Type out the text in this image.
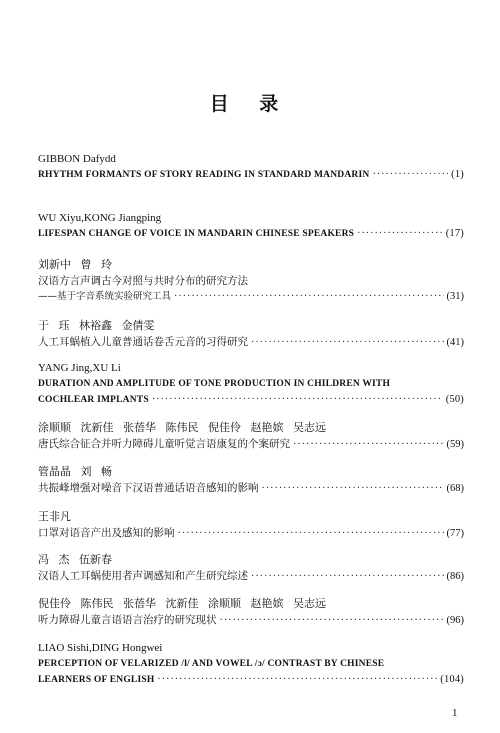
目 录
GIBBON Dafydd
RHYTHM FORMANTS OF STORY READING IN STANDARD MANDARIN ·····	(1)
WU Xiyu,KONG Jiangping
LIFESPAN CHANGE OF VOICE IN MANDARIN CHINESE SPEAKERS ·····	(17)
刘新中 曾 玲
汉语方言声调古今对照与共时分布的研究方法
——基于字音系统实验研究工具 ·····	(31)
于 珏 林裕鑫 金倩雯
人工耳蜗植入儿童普通话卷舌元音的习得研究 ·····	(41)
YANG Jing,XU Li
DURATION AND AMPLITUDE OF TONE PRODUCTION IN CHILDREN WITH
COCHLEAR IMPLANTS ·····	(50)
涂顺顺 沈新佳 张蓓华 陈伟民 倪佳伶 赵艳嫔 吴志远
唐氏综合征合并听力障碍儿童听觉言语康复的个案研究 ·····	(59)
管晶晶 刘 畅
共振峰增强对噪音下汉语普通话语音感知的影响 ·····	(68)
王非凡
口罩对语音产出及感知的影响 ·····	(77)
冯 杰 伍新春
汉语人工耳蜗使用者声调感知和产生研究综述 ·····	(86)
倪佳伶 陈伟民 张蓓华 沈新佳 涂顺顺 赵艳嫔 吴志远
听力障碍儿童言语语言治疗的研究现状 ·····	(96)
LIAO Sishi,DING Hongwei
PERCEPTION OF VELARIZED /l/ AND VOWEL /ɔ/ CONTRAST BY CHINESE
LEARNERS OF ENGLISH ·····	(104)
1
